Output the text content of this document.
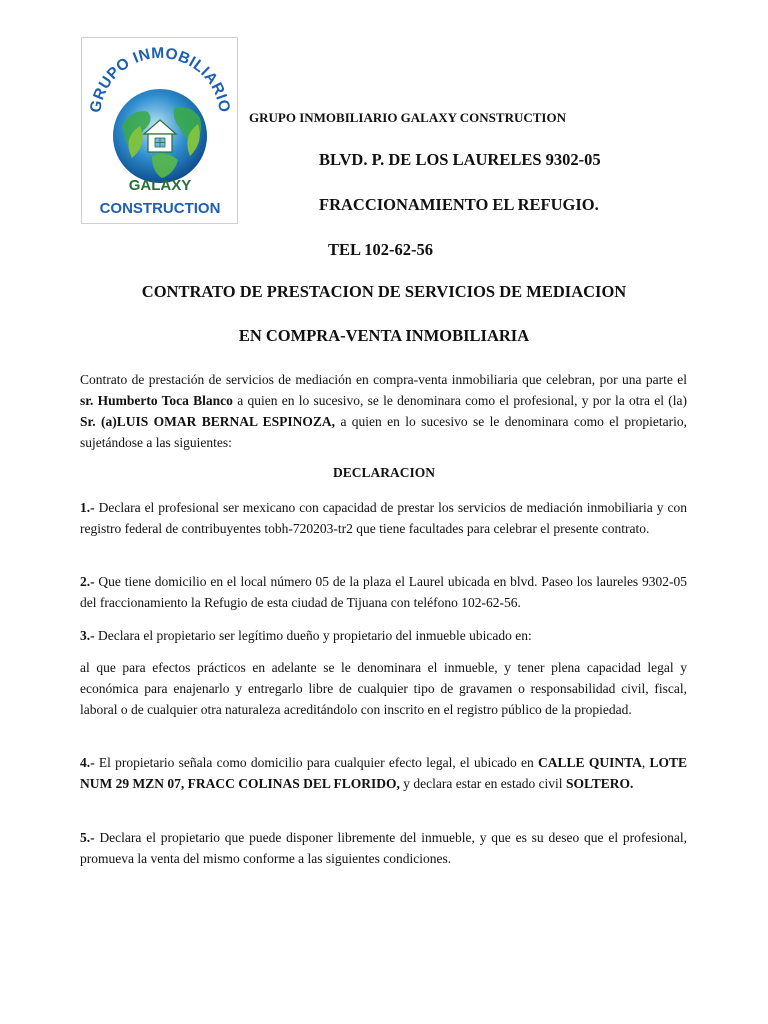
GRUPO INMOBILIARIO
GALAXY
CONSTRUCTION
GRUPO INMOBILIARIO GALAXY CONSTRUCTION
BLVD. P. DE LOS LAURELES 9302-05
FRACCIONAMIENTO EL REFUGIO.
TEL 102-62-56
CONTRATO DE PRESTACION DE SERVICIOS DE MEDIACION
EN COMPRA-VENTA INMOBILIARIA
Contrato de prestación de servicios de mediación en compra-venta inmobiliaria que celebran, por una parte el sr. Humberto Toca Blanco a quien en lo sucesivo, se le denominara como el profesional, y por la otra el (la) Sr. (a)LUIS OMAR BERNAL ESPINOZA, a quien en lo sucesivo se le denominara como el propietario, sujetándose a las siguientes:
DECLARACION
1.- Declara el profesional ser mexicano con capacidad de prestar los servicios de mediación inmobiliaria y con registro federal de contribuyentes tobh-720203-tr2 que tiene facultades para celebrar el presente contrato.
2.- Que tiene domicilio en el local número 05 de la plaza el Laurel ubicada en blvd. Paseo los laureles 9302-05 del fraccionamiento la Refugio de esta ciudad de Tijuana con teléfono 102-62-56.
3.- Declara el propietario ser legítimo dueño y propietario del inmueble ubicado en:
al que para efectos prácticos en adelante se le denominara el inmueble, y tener plena capacidad legal y económica para enajenarlo y entregarlo libre de cualquier tipo de gravamen o responsabilidad civil, fiscal, laboral o de cualquier otra naturaleza acreditándolo con inscrito en el registro público de la propiedad.
4.- El propietario señala como domicilio para cualquier efecto legal, el ubicado en CALLE QUINTA, LOTE NUM 29 MZN 07, FRACC COLINAS DEL FLORIDO, y declara estar en estado civil SOLTERO.
5.- Declara el propietario que puede disponer libremente del inmueble, y que es su deseo que el profesional, promueva la venta del mismo conforme a las siguientes condiciones.
